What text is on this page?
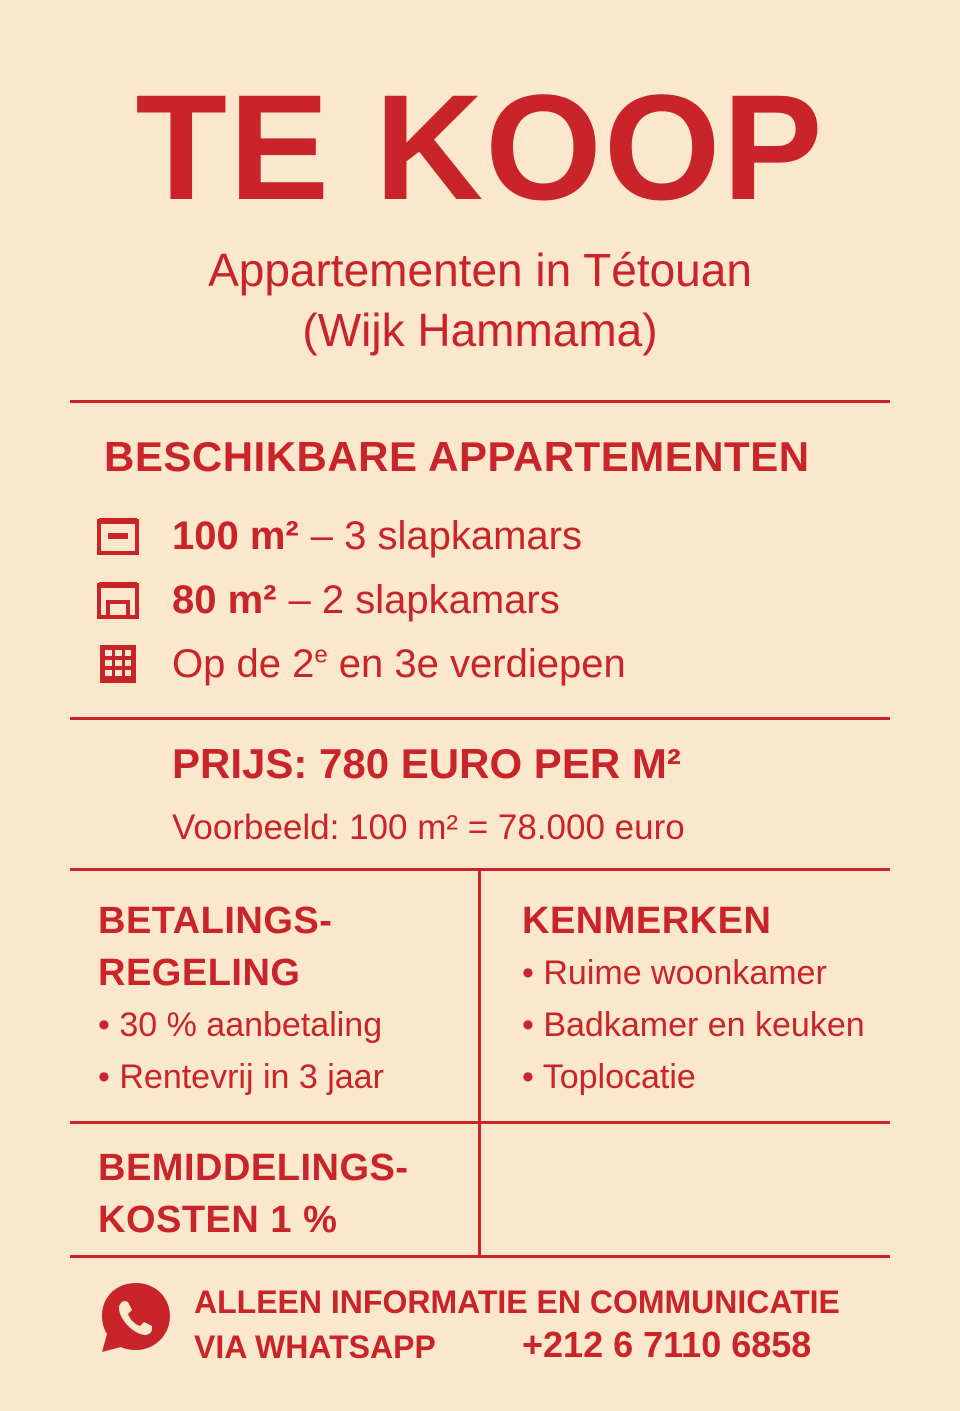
TE KOOP
Appartementen in Tétouan
(Wijk Hammama)
BESCHIKBARE APPARTEMENTEN
100 m² – 3 slapkamars
80 m² – 2 slapkamars
Op de 2e en 3e verdiepen
PRIJS: 780 EURO PER M²
Voorbeeld: 100 m² = 78.000 euro
BETALINGS-
REGELING
• 30 % aanbetaling
• Rentevrij in 3 jaar
KENMERKEN
• Ruime woonkamer
• Badkamer en keuken
• Toplocatie
BEMIDDELINGS-
KOSTEN 1 %
ALLEEN INFORMATIE EN COMMUNICATIE
VIA WHATSAPP	+212 6 7110 6858
